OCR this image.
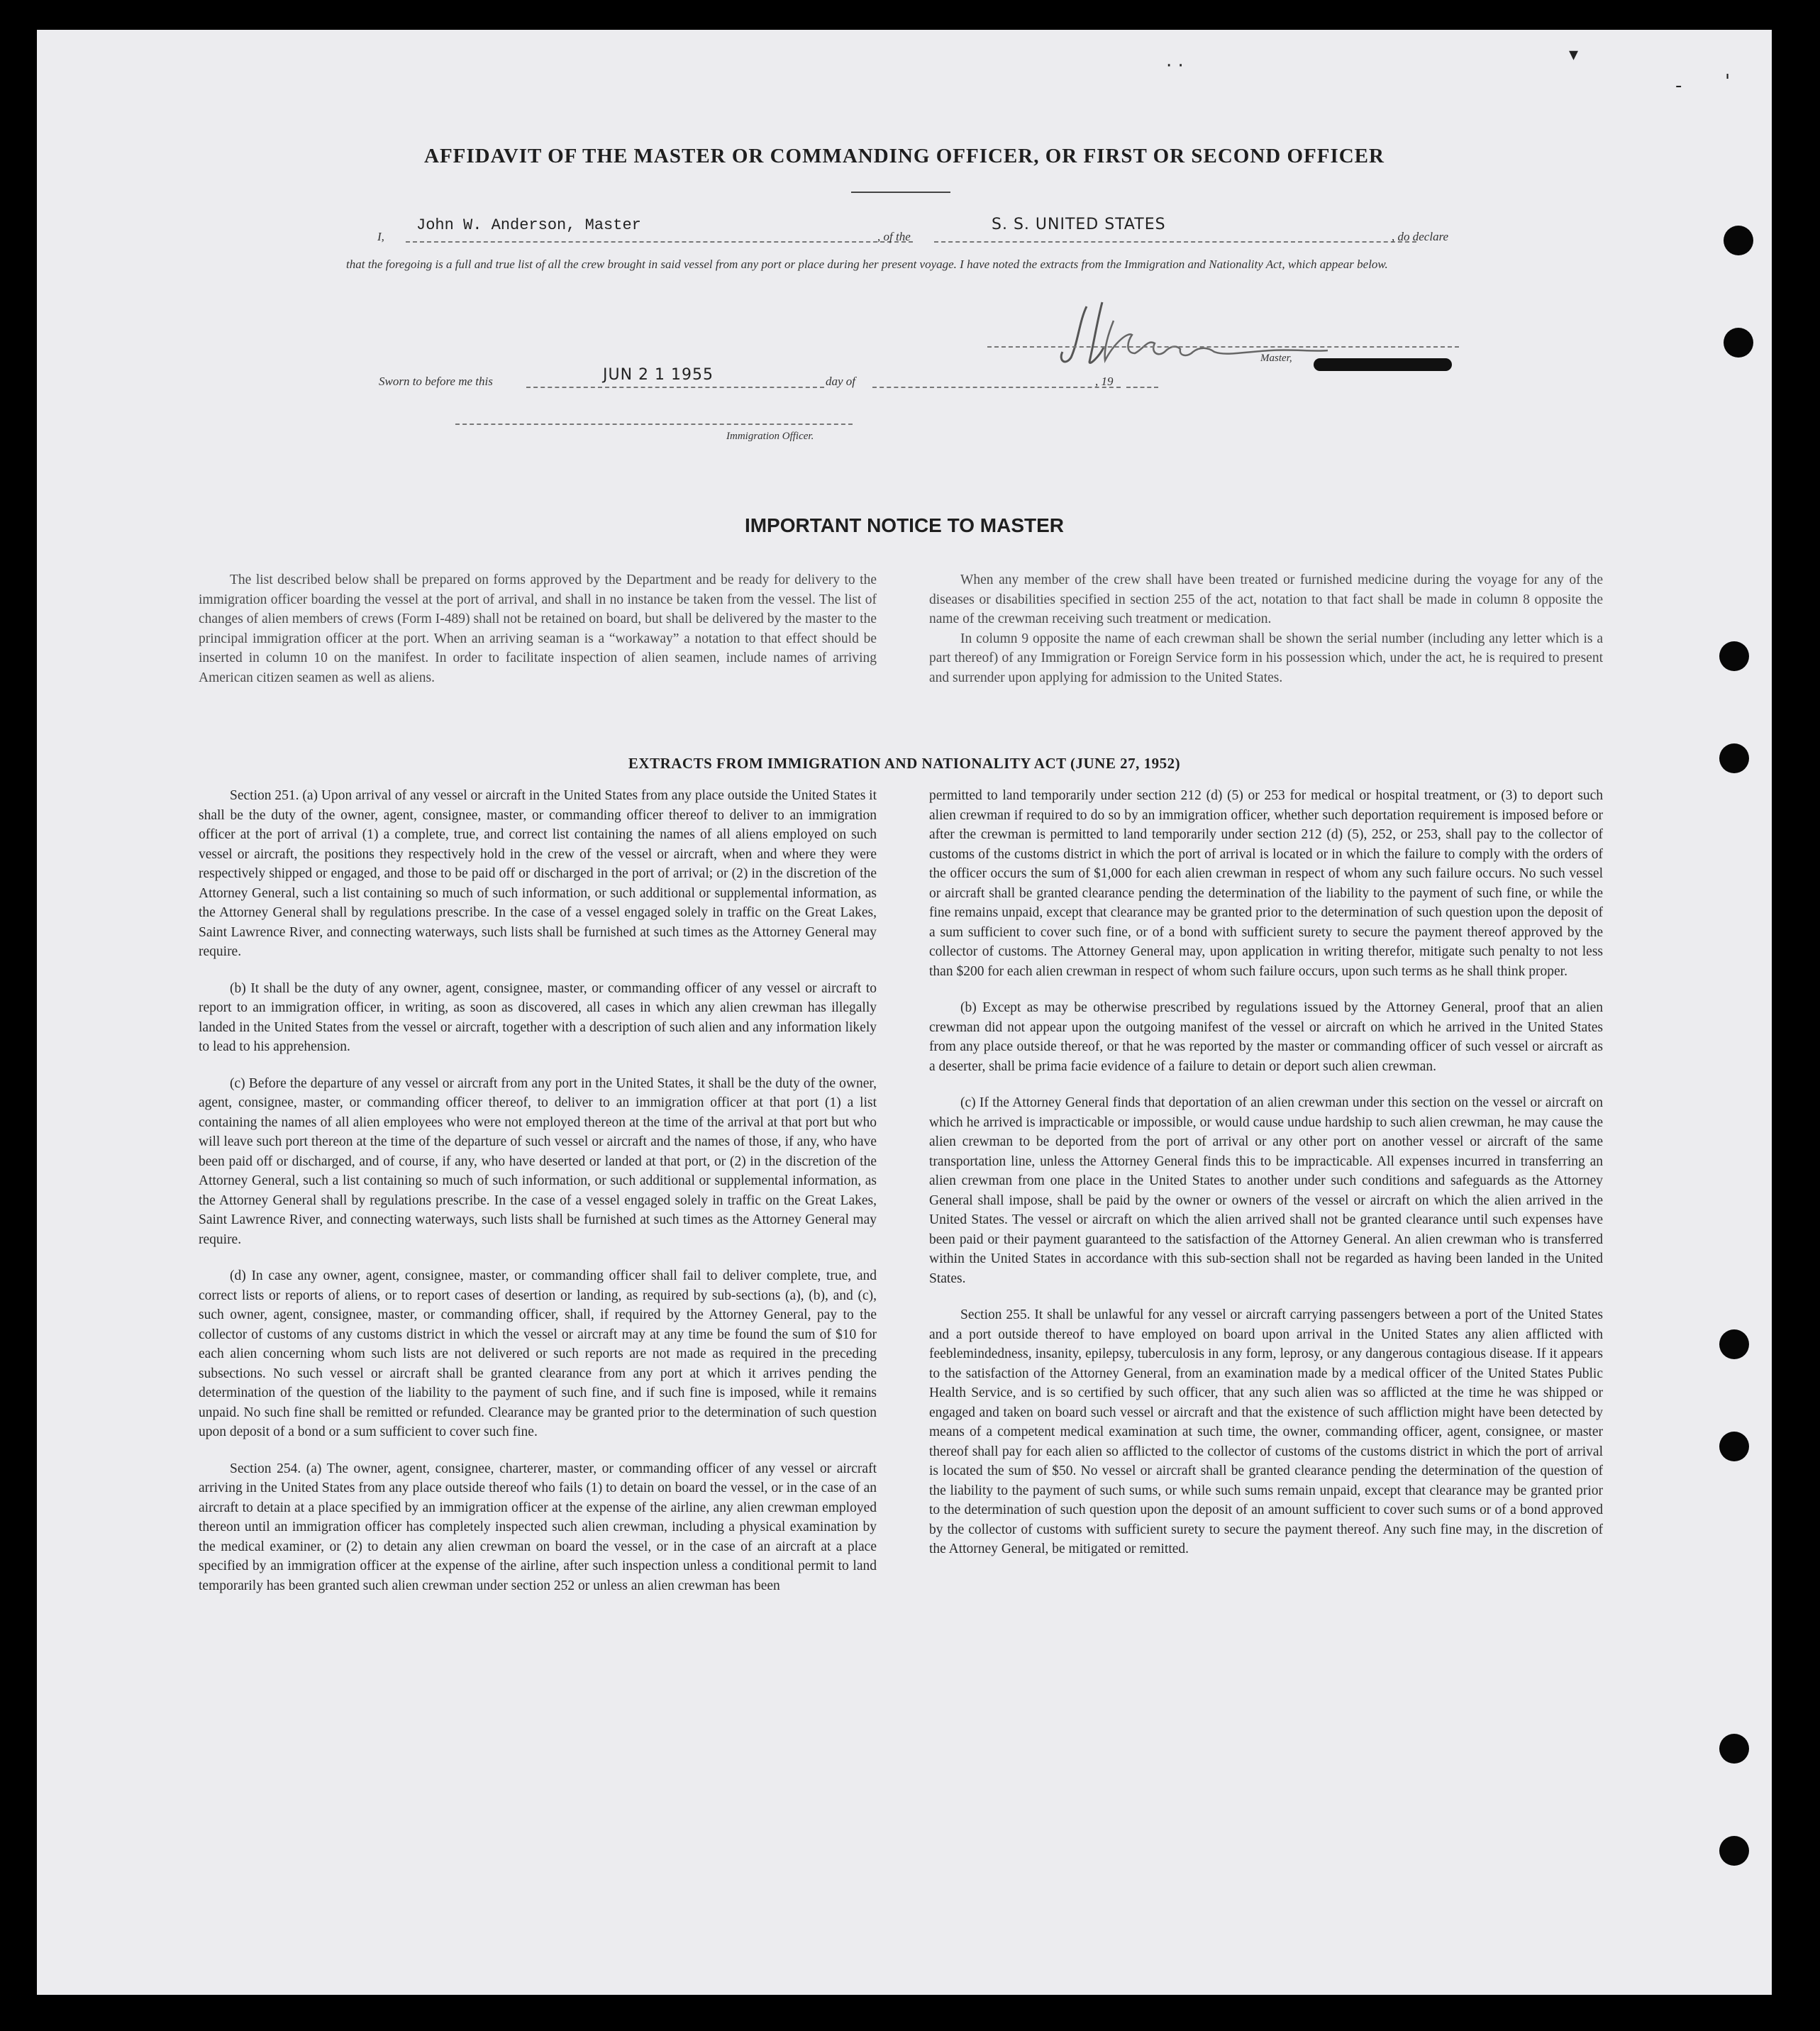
· ·
▾
- '
AFFIDAVIT OF THE MASTER OR COMMANDING OFFICER, OR FIRST OR SECOND OFFICER
I,
John W. Anderson, Master
, of the
S. S. UNITED STATES
, do declare
that the foregoing is a full and true list of all the crew brought in said vessel from any port or place during her present voyage. I have noted the extracts from the Immigration and Nationality Act, which appear below.
Master,
Sworn to before me this	JUN 2 1 1955	day of	, 19
Immigration Officer.
IMPORTANT NOTICE TO MASTER

The list described below shall be prepared on forms approved by the Department and be ready for delivery to the immigration officer boarding the vessel at the port of arrival, and shall in no instance be taken from the vessel. The list of changes of alien members of crews (Form I-489) shall not be retained on board, but shall be delivered by the master to the principal immigration officer at the port. When an arriving seaman is a “workaway” a notation to that effect should be inserted in column 10 on the manifest. In order to facilitate inspection of alien seamen, include names of arriving American citizen seamen as well as aliens.

When any member of the crew shall have been treated or furnished medicine during the voyage for any of the diseases or disabilities specified in section 255 of the act, notation to that fact shall be made in column 8 opposite the name of the crewman receiving such treatment or medication.

In column 9 opposite the name of each crewman shall be shown the serial number (including any letter which is a part thereof) of any Immigration or Foreign Service form in his possession which, under the act, he is required to present and surrender upon applying for admission to the United States.

EXTRACTS FROM IMMIGRATION AND NATIONALITY ACT (JUNE 27, 1952)

Section 251. (a) Upon arrival of any vessel or aircraft in the United States from any place outside the United States it shall be the duty of the owner, agent, consignee, master, or commanding officer thereof to deliver to an immigration officer at the port of arrival (1) a complete, true, and correct list containing the names of all aliens employed on such vessel or aircraft, the positions they respectively hold in the crew of the vessel or aircraft, when and where they were respectively shipped or engaged, and those to be paid off or discharged in the port of arrival; or (2) in the discretion of the Attorney General, such a list containing so much of such information, or such additional or supplemental information, as the Attorney General shall by regulations prescribe. In the case of a vessel engaged solely in traffic on the Great Lakes, Saint Lawrence River, and connecting waterways, such lists shall be furnished at such times as the Attorney General may require.

(b) It shall be the duty of any owner, agent, consignee, master, or commanding officer of any vessel or aircraft to report to an immigration officer, in writing, as soon as discovered, all cases in which any alien crewman has illegally landed in the United States from the vessel or aircraft, together with a description of such alien and any information likely to lead to his apprehension.

(c) Before the departure of any vessel or aircraft from any port in the United States, it shall be the duty of the owner, agent, consignee, master, or commanding officer thereof, to deliver to an immigration officer at that port (1) a list containing the names of all alien employees who were not employed thereon at the time of the arrival at that port but who will leave such port thereon at the time of the departure of such vessel or aircraft and the names of those, if any, who have been paid off or discharged, and of course, if any, who have deserted or landed at that port, or (2) in the discretion of the Attorney General, such a list containing so much of such information, or such additional or supplemental information, as the Attorney General shall by regulations prescribe. In the case of a vessel engaged solely in traffic on the Great Lakes, Saint Lawrence River, and connecting waterways, such lists shall be furnished at such times as the Attorney General may require.

(d) In case any owner, agent, consignee, master, or commanding officer shall fail to deliver complete, true, and correct lists or reports of aliens, or to report cases of desertion or landing, as required by sub-sections (a), (b), and (c), such owner, agent, consignee, master, or commanding officer, shall, if required by the Attorney General, pay to the collector of customs of any customs district in which the vessel or aircraft may at any time be found the sum of $10 for each alien concerning whom such lists are not delivered or such reports are not made as required in the preceding subsections. No such vessel or aircraft shall be granted clearance from any port at which it arrives pending the determination of the question of the liability to the payment of such fine, and if such fine is imposed, while it remains unpaid. No such fine shall be remitted or refunded. Clearance may be granted prior to the determination of such question upon deposit of a bond or a sum sufficient to cover such fine.

Section 254. (a) The owner, agent, consignee, charterer, master, or commanding officer of any vessel or aircraft arriving in the United States from any place outside thereof who fails (1) to detain on board the vessel, or in the case of an aircraft to detain at a place specified by an immigration officer at the expense of the airline, any alien crewman employed thereon until an immigration officer has completely inspected such alien crewman, including a physical examination by the medical examiner, or (2) to detain any alien crewman on board the vessel, or in the case of an aircraft at a place specified by an immigration officer at the expense of the airline, after such inspection unless a conditional permit to land temporarily has been granted such alien crewman under section 252 or unless an alien crewman has been

permitted to land temporarily under section 212 (d) (5) or 253 for medical or hospital treatment, or (3) to deport such alien crewman if required to do so by an immigration officer, whether such deportation requirement is imposed before or after the crewman is permitted to land temporarily under section 212 (d) (5), 252, or 253, shall pay to the collector of customs of the customs district in which the port of arrival is located or in which the failure to comply with the orders of the officer occurs the sum of $1,000 for each alien crewman in respect of whom any such failure occurs. No such vessel or aircraft shall be granted clearance pending the determination of the liability to the payment of such fine, or while the fine remains unpaid, except that clearance may be granted prior to the determination of such question upon the deposit of a sum sufficient to cover such fine, or of a bond with sufficient surety to secure the payment thereof approved by the collector of customs. The Attorney General may, upon application in writing therefor, mitigate such penalty to not less than $200 for each alien crewman in respect of whom such failure occurs, upon such terms as he shall think proper.

(b) Except as may be otherwise prescribed by regulations issued by the Attorney General, proof that an alien crewman did not appear upon the outgoing manifest of the vessel or aircraft on which he arrived in the United States from any place outside thereof, or that he was reported by the master or commanding officer of such vessel or aircraft as a deserter, shall be prima facie evidence of a failure to detain or deport such alien crewman.

(c) If the Attorney General finds that deportation of an alien crewman under this section on the vessel or aircraft on which he arrived is impracticable or impossible, or would cause undue hardship to such alien crewman, he may cause the alien crewman to be deported from the port of arrival or any other port on another vessel or aircraft of the same transportation line, unless the Attorney General finds this to be impracticable. All expenses incurred in transferring an alien crewman from one place in the United States to another under such conditions and safeguards as the Attorney General shall impose, shall be paid by the owner or owners of the vessel or aircraft on which the alien arrived in the United States. The vessel or aircraft on which the alien arrived shall not be granted clearance until such expenses have been paid or their payment guaranteed to the satisfaction of the Attorney General. An alien crewman who is transferred within the United States in accordance with this sub-section shall not be regarded as having been landed in the United States.

Section 255. It shall be unlawful for any vessel or aircraft carrying passengers between a port of the United States and a port outside thereof to have employed on board upon arrival in the United States any alien afflicted with feeblemindedness, insanity, epilepsy, tuberculosis in any form, leprosy, or any dangerous contagious disease. If it appears to the satisfaction of the Attorney General, from an examination made by a medical officer of the United States Public Health Service, and is so certified by such officer, that any such alien was so afflicted at the time he was shipped or engaged and taken on board such vessel or aircraft and that the existence of such affliction might have been detected by means of a competent medical examination at such time, the owner, commanding officer, agent, consignee, or master thereof shall pay for each alien so afflicted to the collector of customs of the customs district in which the port of arrival is located the sum of $50. No vessel or aircraft shall be granted clearance pending the determination of the question of the liability to the payment of such sums, or while such sums remain unpaid, except that clearance may be granted prior to the determination of such question upon the deposit of an amount sufficient to cover such sums or of a bond approved by the collector of customs with sufficient surety to secure the payment thereof. Any such fine may, in the discretion of the Attorney General, be mitigated or remitted.
